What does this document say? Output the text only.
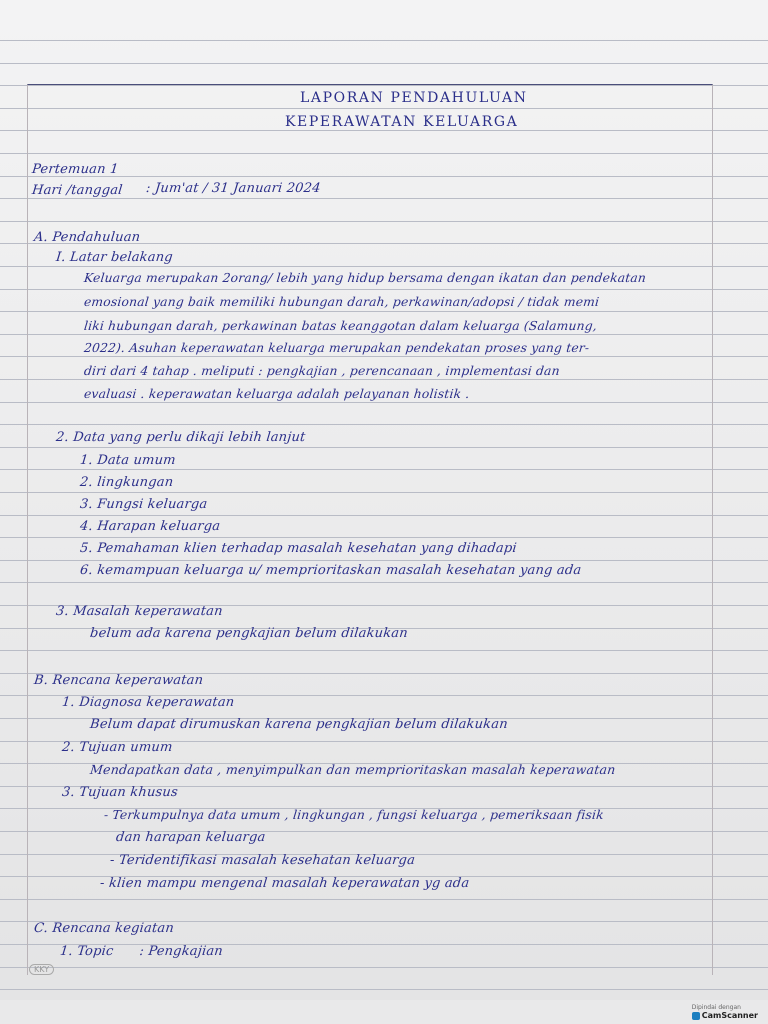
LAPORAN PENDAHULUAN
KEPERAWATAN KELUARGA
Pertemuan 1
Hari /tanggal : Jum'at / 31 Januari 2024
A. Pendahuluan
I. Latar belakang
Keluarga merupakan 2orang/ lebih yang hidup bersama dengan ikatan dan pendekatan
emosional yang baik memiliki hubungan darah, perkawinan/adopsi / tidak memi
liki hubungan darah, perkawinan batas keanggotan dalam keluarga (Salamung,
2022). Asuhan keperawatan keluarga merupakan pendekatan proses yang ter-
diri dari 4 tahap . meliputi : pengkajian , perencanaan , implementasi dan
evaluasi . keperawatan keluarga adalah pelayanan holistik .
2. Data yang perlu dikaji lebih lanjut
1. Data umum
2. lingkungan
3. Fungsi keluarga
4. Harapan keluarga
5. Pemahaman klien terhadap masalah kesehatan yang dihadapi
6. kemampuan keluarga u/ memprioritaskan masalah kesehatan yang ada
3. Masalah keperawatan
belum ada karena pengkajian belum dilakukan
B. Rencana keperawatan
1. Diagnosa keperawatan
Belum dapat dirumuskan karena pengkajian belum dilakukan
2. Tujuan umum
Mendapatkan data , menyimpulkan dan memprioritaskan masalah keperawatan
3. Tujuan khusus
- Terkumpulnya data umum , lingkungan , fungsi keluarga , pemeriksaan fisik
dan harapan keluarga
- Teridentifikasi masalah kesehatan keluarga
- klien mampu mengenal masalah keperawatan yg ada
C. Rencana kegiatan
1. Topic      : Pengkajian
KKY
Dipindai dengan
CamScanner
